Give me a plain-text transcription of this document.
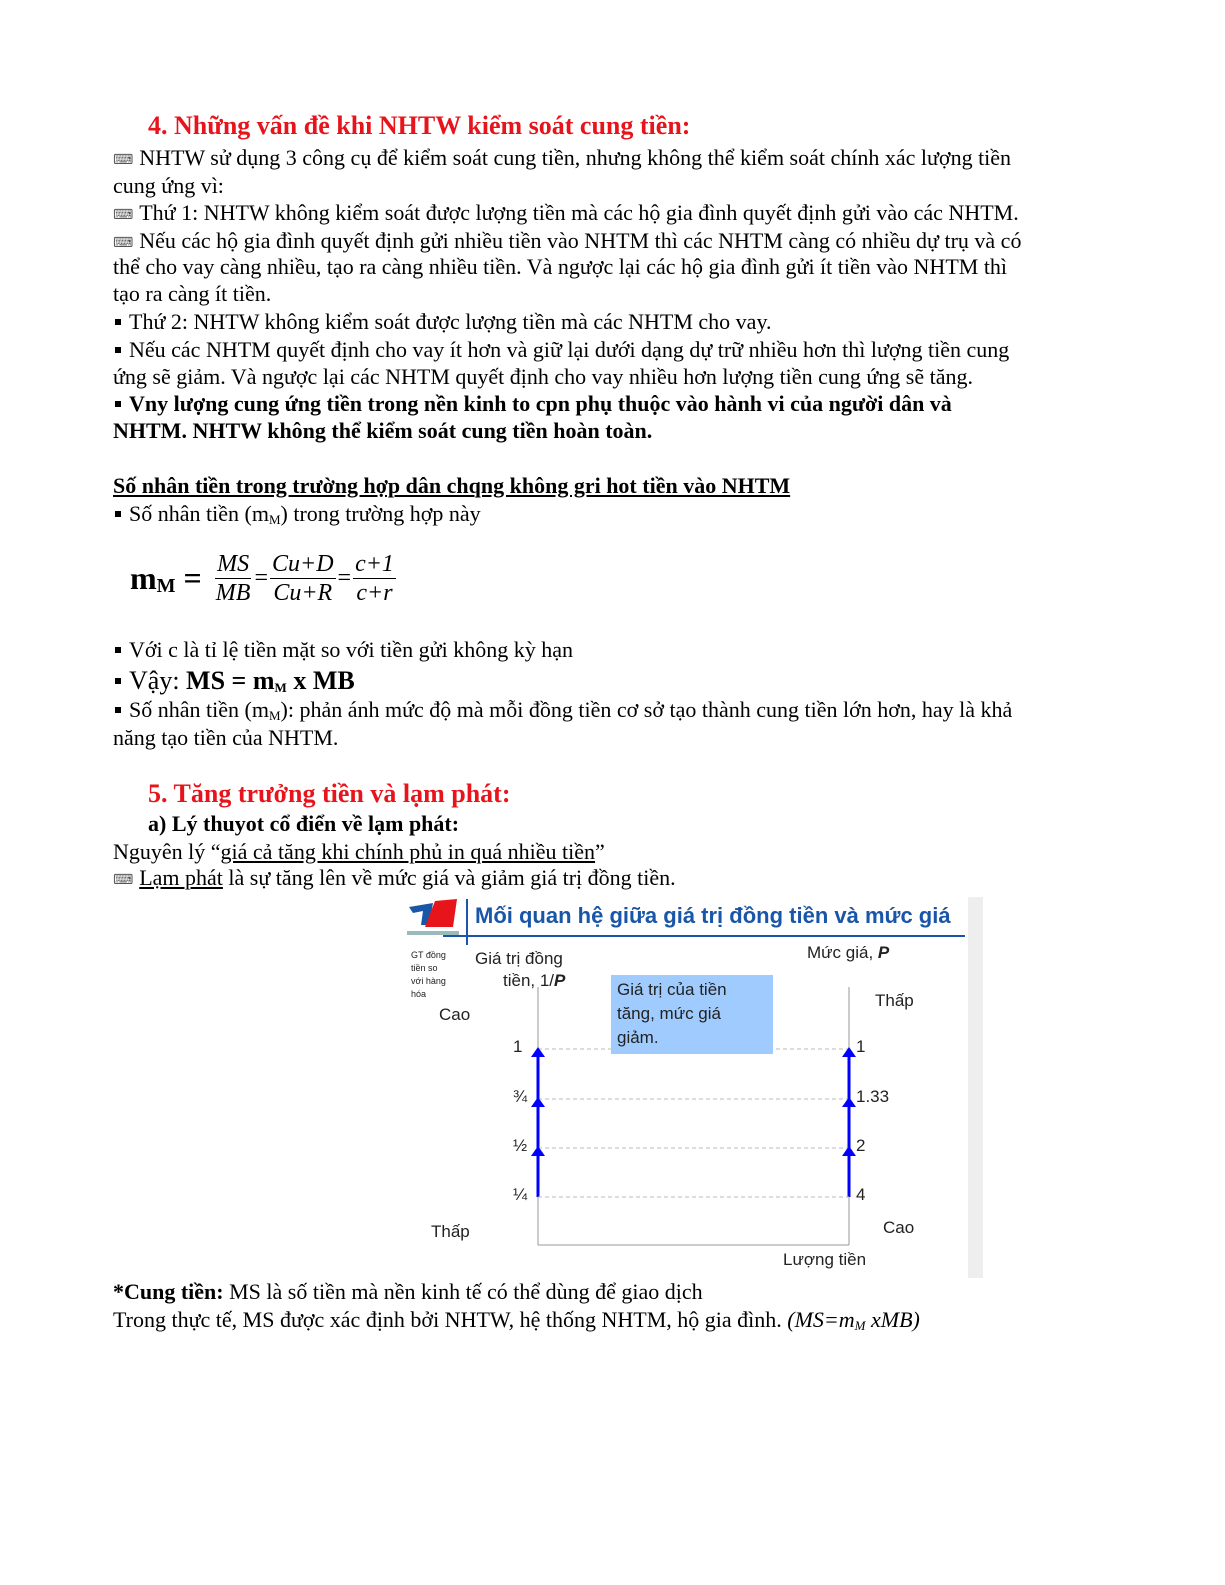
4. Những vấn đề khi NHTW kiểm soát cung tiền:
⌨ NHTW sử dụng 3 công cụ để kiểm soát cung tiền, nhưng không thể kiểm soát chính xác lượng tiền
cung ứng vì:
⌨ Thứ 1: NHTW không kiểm soát được lượng tiền mà các hộ gia đình quyết định gửi vào các NHTM.
⌨ Nếu các hộ gia đình quyết định gửi nhiều tiền vào NHTM thì các NHTM càng có nhiều dự trụ và có
thể cho vay càng nhiều, tạo ra càng nhiều tiền. Và ngược lại các hộ gia đình gửi ít tiền vào NHTM thì
tạo ra càng ít tiền.
Thứ 2: NHTW không kiểm soát được lượng tiền mà các NHTM cho vay.
Nếu các NHTM quyết định cho vay ít hơn và giữ lại dưới dạng dự trữ nhiều hơn thì lượng tiền cung
ứng sẽ giảm. Và ngược lại các NHTM quyết định cho vay nhiều hơn lượng tiền cung ứng sẽ tăng.
Vny lượng cung ứng tiền trong nền kinh to cpn phụ thuộc vào hành vi của người dân và
NHTM. NHTW không thể kiểm soát cung tiền hoàn toàn.
Số nhân tiền trong trường hợp dân chqng không gri hot tiền vào NHTM
Số nhân tiền $(m_M)$ trong trường hợp này
$m_M = \frac{MS}{MB} = \frac{Cu+D}{Cu+R} = \frac{c+1}{c+r}$
Với c là tỉ lệ tiền mặt so với tiền gửi không kỳ hạn
Vậy: MS = $m_M$ x MB
Số nhân tiền $(m_M)$: phản ánh mức độ mà mỗi đồng tiền cơ sở tạo thành cung tiền lớn hơn, hay là khả
năng tạo tiền của NHTM.
5. Tăng trưởng tiền và lạm phát:
a) Lý thuyot cổ điển về lạm phát:
Nguyên lý “giá cả tăng khi chính phủ in quá nhiều tiền”
⌨ Lạm phát là sự tăng lên về mức giá và giảm giá trị đồng tiền.
Mối quan hệ giữa giá trị đồng tiền và mức giá
GT đồng
tiền so
với hàng
hóa
Giá trị đồng
tiền, 1/P
Mức giá, P
Cao
Thấp
Thấp
Cao
Giá trị của tiền
tăng, mức giá
giảm.
Lượng tiền
1	1
¾	1.33
½	2
¼	4
*Cung tiền: MS là số tiền mà nền kinh tế có thể dùng để giao dịch
Trong thực tế, MS được xác định bởi NHTW, hệ thống NHTM, hộ gia đình. ($MS=m_M$ xMB)
